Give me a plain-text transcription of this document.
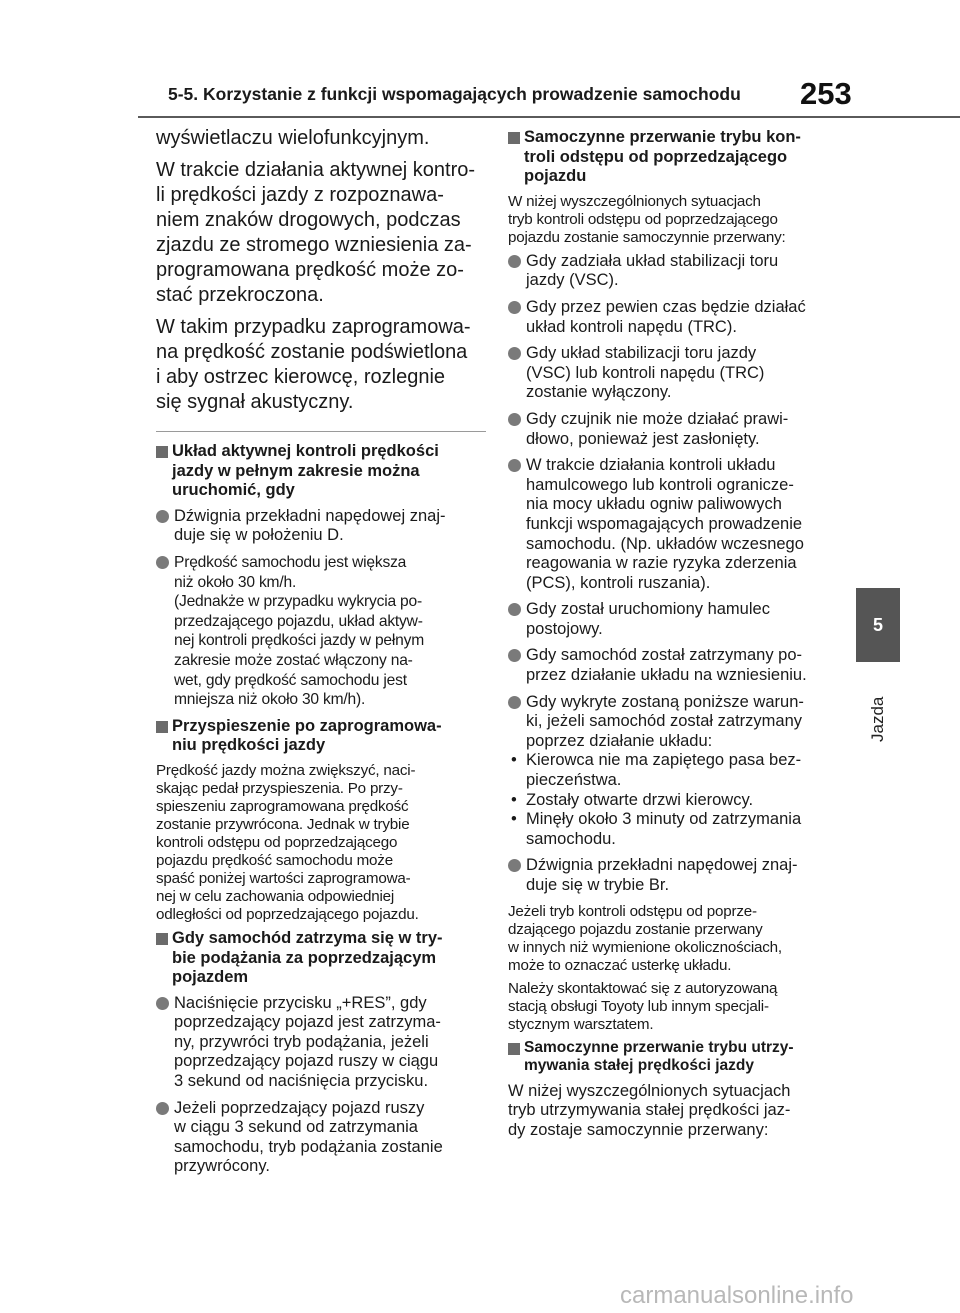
5-5. Korzystanie z funkcji wspomagających prowadzenie samochodu 253
5
Jazda

wyświetlaczu wielofunkcyjnym.

W trakcie działania aktywnej kontro-
li prędkości jazdy z rozpoznawa-
niem znaków drogowych, podczas
zjazdu ze stromego wzniesienia za-
programowana prędkość może zo-
stać przekroczona.

W takim przypadku zaprogramowa-
na prędkość zostanie podświetlona
i aby ostrzec kierowcę, rozlegnie
się sygnał akustyczny.

Układ aktywnej kontroli prędkości
jazdy w pełnym zakresie można
uruchomić, gdy
Dźwignia przekładni napędowej znaj-
duje się w położeniu D.
Prędkość samochodu jest większa
niż około 30 km/h.
(Jednakże w przypadku wykrycia po-
przedzającego pojazdu, układ aktyw-
nej kontroli prędkości jazdy w pełnym
zakresie może zostać włączony na-
wet, gdy prędkość samochodu jest
mniejsza niż około 30 km/h).
Przyspieszenie po zaprogramowa-
niu prędkości jazdy

Prędkość jazdy można zwiększyć, naci-
skając pedał przyspieszenia. Po przy-
spieszeniu zaprogramowana prędkość
zostanie przywrócona. Jednak w trybie
kontroli odstępu od poprzedzającego
pojazdu prędkość samochodu może
spaść poniżej wartości zaprogramowa-
nej w celu zachowania odpowiedniej
odległości od poprzedzającego pojazdu.

Gdy samochód zatrzyma się w try-
bie podążania za poprzedzającym
pojazdem
Naciśnięcie przycisku „+RES”, gdy
poprzedzający pojazd jest zatrzyma-
ny, przywróci tryb podążania, jeżeli
poprzedzający pojazd ruszy w ciągu
3 sekund od naciśnięcia przycisku.
Jeżeli poprzedzający pojazd ruszy
w ciągu 3 sekund od zatrzymania
samochodu, tryb podążania zostanie
przywrócony.
Samoczynne przerwanie trybu kon-
troli odstępu od poprzedzającego
pojazdu

W niżej wyszczególnionych sytuacjach
tryb kontroli odstępu od poprzedzającego
pojazdu zostanie samoczynnie przerwany:

Gdy zadziała układ stabilizacji toru
jazdy (VSC).
Gdy przez pewien czas będzie działać
układ kontroli napędu (TRC).
Gdy układ stabilizacji toru jazdy
(VSC) lub kontroli napędu (TRC)
zostanie wyłączony.
Gdy czujnik nie może działać prawi-
dłowo, ponieważ jest zasłonięty.
W trakcie działania kontroli układu
hamulcowego lub kontroli ogranicze-
nia mocy układu ogniw paliwowych
funkcji wspomagających prowadzenie
samochodu. (Np. układów wczesnego
reagowania w razie ryzyka zderzenia
(PCS), kontroli ruszania).
Gdy został uruchomiony hamulec
postojowy.
Gdy samochód został zatrzymany po-
przez działanie układu na wzniesieniu.
Gdy wykryte zostaną poniższe warun-
ki, jeżeli samochód został zatrzymany
poprzez działanie układu:
• Kierowca nie ma zapiętego pasa bez-
pieczeństwa.
• Zostały otwarte drzwi kierowcy.
• Minęły około 3 minuty od zatrzymania
samochodu.
Dźwignia przekładni napędowej znaj-
duje się w trybie Br.

Jeżeli tryb kontroli odstępu od poprze-
dzającego pojazdu zostanie przerwany
w innych niż wymienione okolicznościach,
może to oznaczać usterkę układu.

Należy skontaktować się z autoryzowaną
stacją obsługi Toyoty lub innym specjali-
stycznym warsztatem.

Samoczynne przerwanie trybu utrzy-
mywania stałej prędkości jazdy

W niżej wyszczególnionych sytuacjach
tryb utrzymywania stałej prędkości jaz-
dy zostaje samoczynnie przerwany:

carmanualsonline.info
